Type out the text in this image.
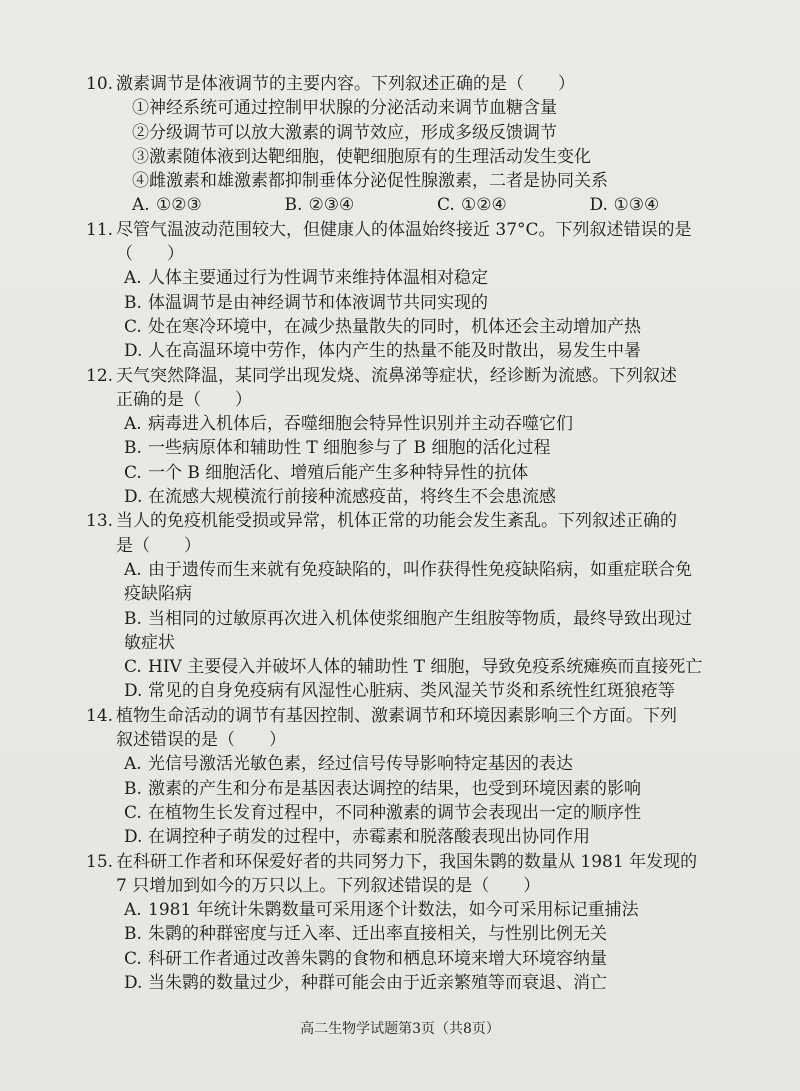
10. 激素调节是体液调节的主要内容。下列叙述正确的是（　　）

①神经系统可通过控制甲状腺的分泌活动来调节血糖含量

②分级调节可以放大激素的调节效应，形成多级反馈调节

③激素随体液到达靶细胞，使靶细胞原有的生理活动发生变化

④雌激素和雄激素都抑制垂体分泌促性腺激素，二者是协同关系

A. ①②③	B. ②③④	C. ①②④	D. ①③④
11. 尽管气温波动范围较大，但健康人的体温始终接近 37°C。下列叙述错误的是
（　　）

A. 人体主要通过行为性调节来维持体温相对稳定

B. 体温调节是由神经调节和体液调节共同实现的

C. 处在寒冷环境中，在减少热量散失的同时，机体还会主动增加产热

D. 人在高温环境中劳作，体内产生的热量不能及时散出，易发生中暑

12. 天气突然降温，某同学出现发烧、流鼻涕等症状，经诊断为流感。下列叙述
正确的是（　　）

A. 病毒进入机体后，吞噬细胞会特异性识别并主动吞噬它们

B. 一些病原体和辅助性 T 细胞参与了 B 细胞的活化过程

C. 一个 B 细胞活化、增殖后能产生多种特异性的抗体

D. 在流感大规模流行前接种流感疫苗，将终生不会患流感

13. 当人的免疫机能受损或异常，机体正常的功能会发生紊乱。下列叙述正确的
是（　　）

A. 由于遗传而生来就有免疫缺陷的，叫作获得性免疫缺陷病，如重症联合免

疫缺陷病

B. 当相同的过敏原再次进入机体使浆细胞产生组胺等物质，最终导致出现过

敏症状

C. HIV 主要侵入并破坏人体的辅助性 T 细胞，导致免疫系统瘫痪而直接死亡

D. 常见的自身免疫病有风湿性心脏病、类风湿关节炎和系统性红斑狼疮等

14. 植物生命活动的调节有基因控制、激素调节和环境因素影响三个方面。下列
叙述错误的是（　　）

A. 光信号激活光敏色素，经过信号传导影响特定基因的表达

B. 激素的产生和分布是基因表达调控的结果，也受到环境因素的影响

C. 在植物生长发育过程中，不同种激素的调节会表现出一定的顺序性

D. 在调控种子萌发的过程中，赤霉素和脱落酸表现出协同作用

15. 在科研工作者和环保爱好者的共同努力下，我国朱鹮的数量从 1981 年发现的
7 只增加到如今的万只以上。下列叙述错误的是（　　）

A. 1981 年统计朱鹮数量可采用逐个计数法，如今可采用标记重捕法

B. 朱鹮的种群密度与迁入率、迁出率直接相关，与性别比例无关

C. 科研工作者通过改善朱鹮的食物和栖息环境来增大环境容纳量

D. 当朱鹮的数量过少，种群可能会由于近亲繁殖等而衰退、消亡

高二生物学试题第3页（共8页）
